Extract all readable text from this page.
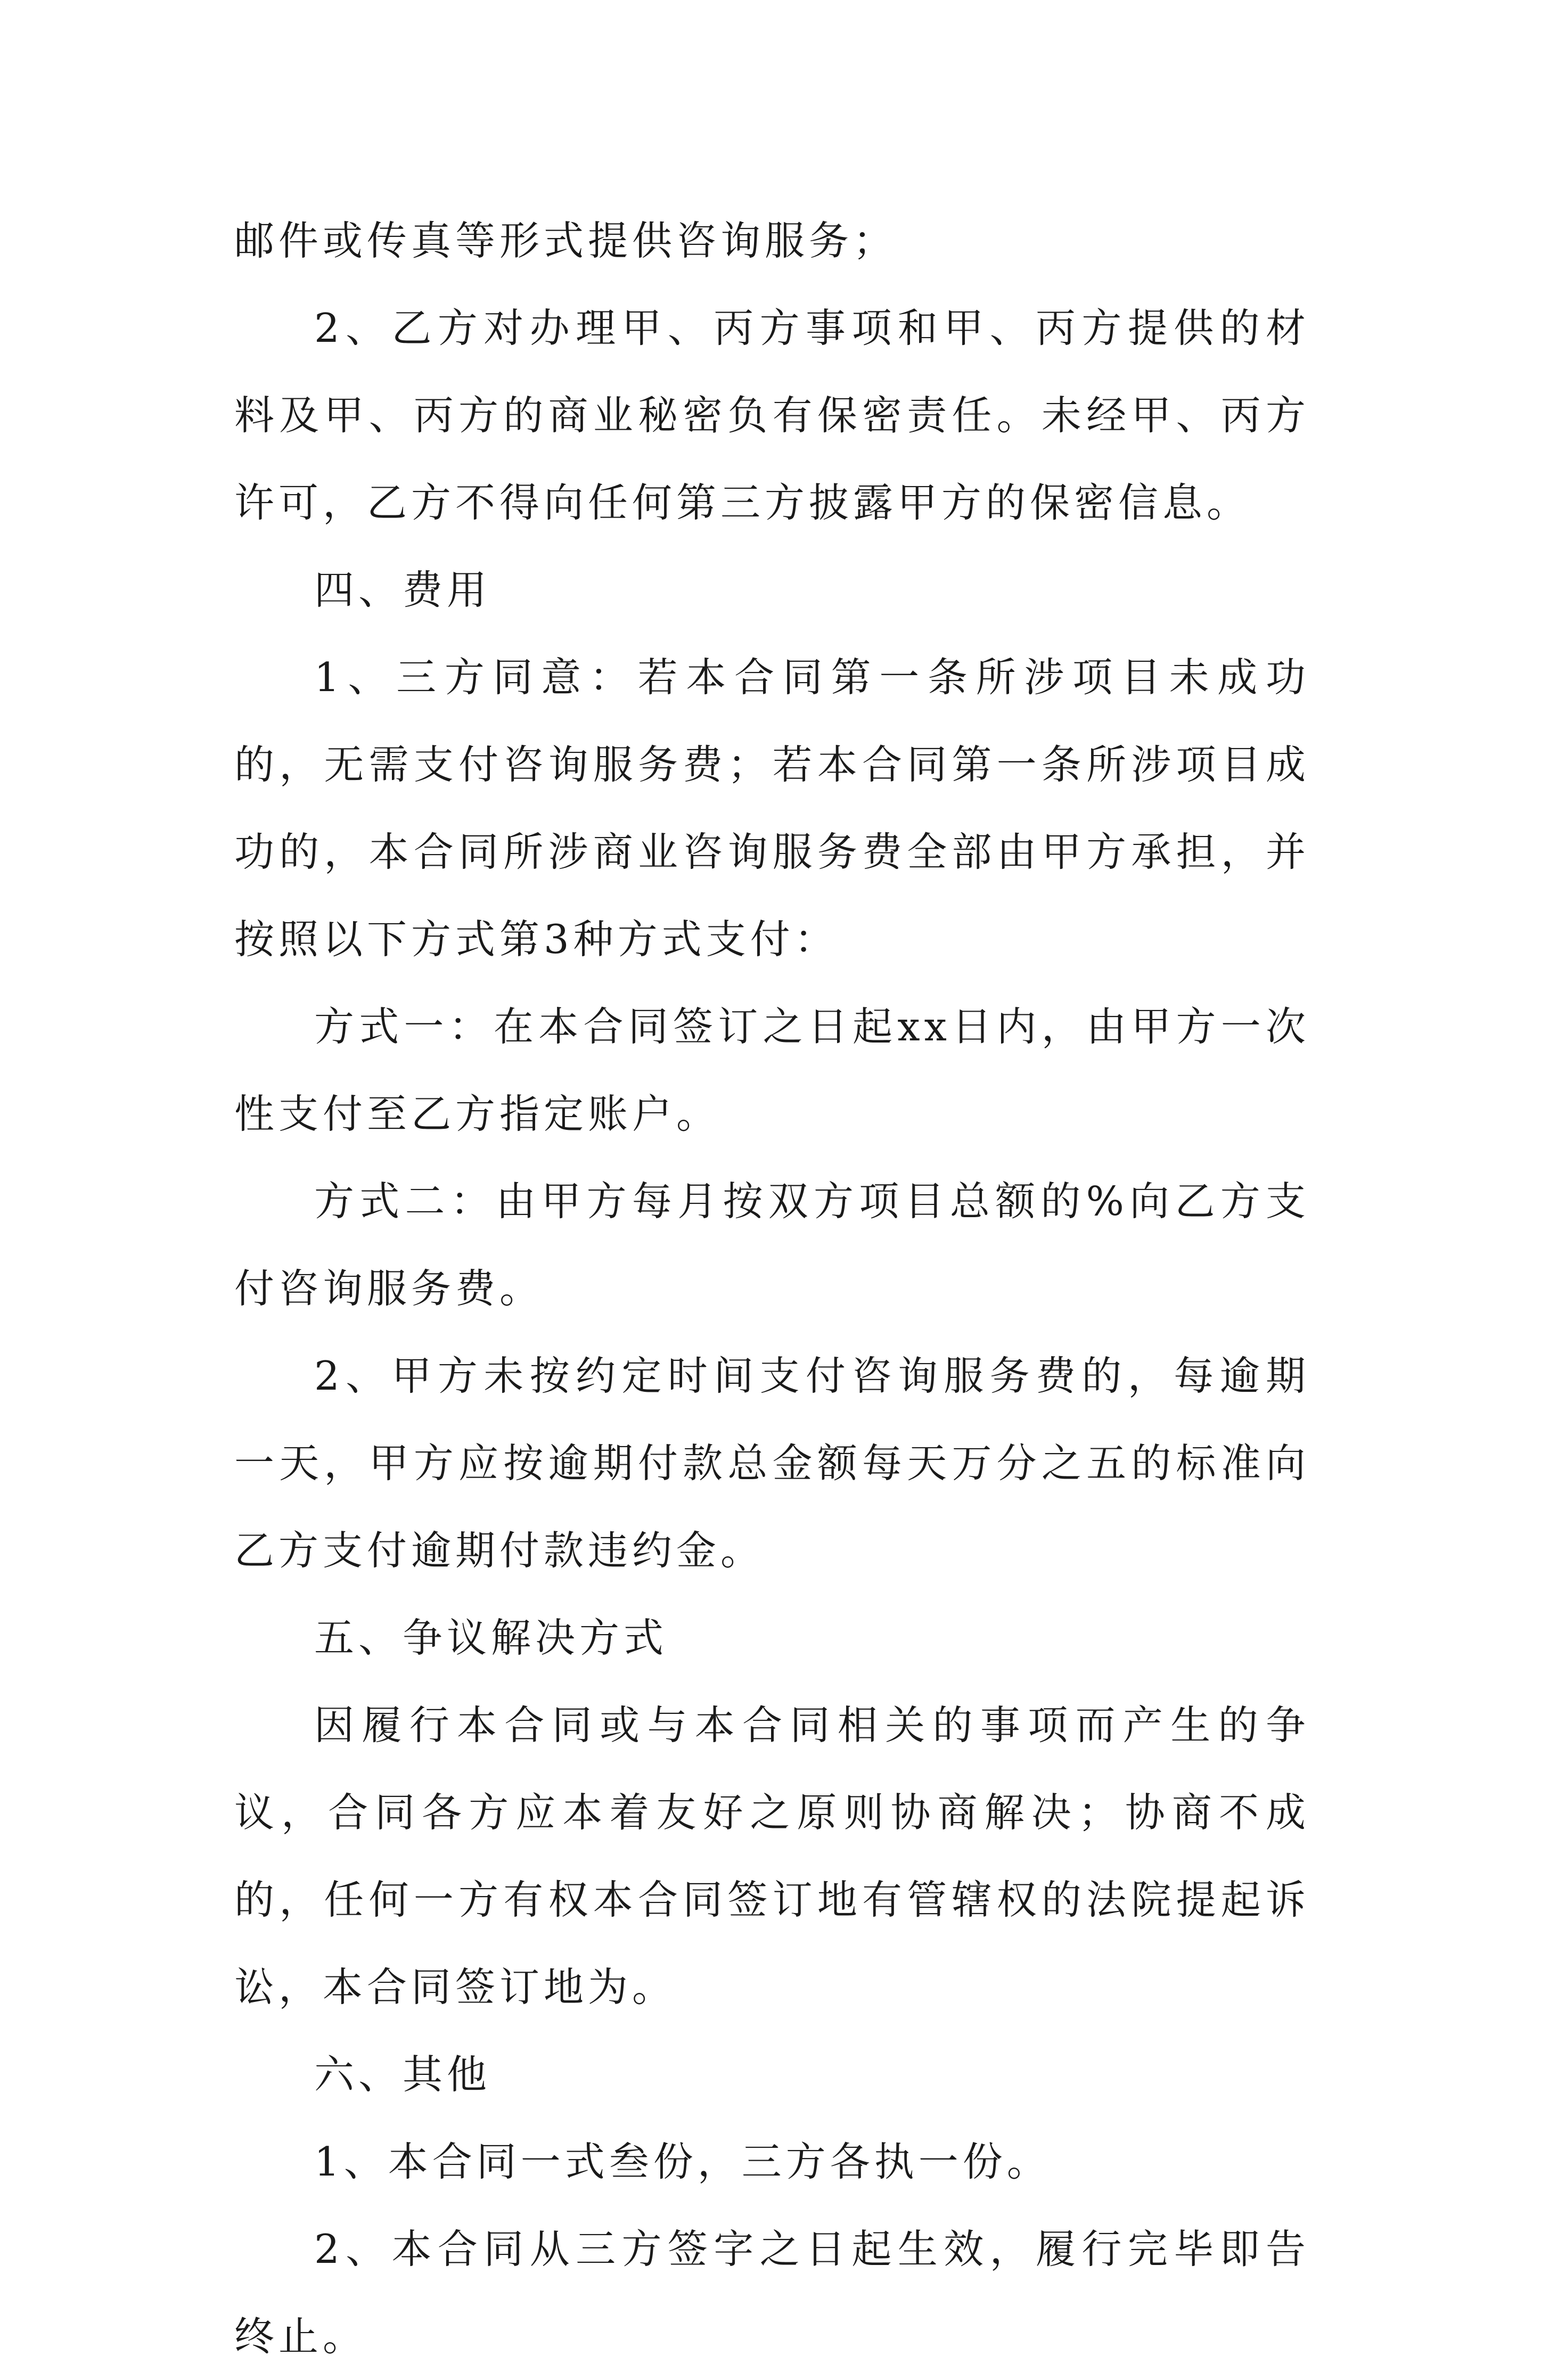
邮件或传真等形式提供咨询服务；

2、乙方对办理甲、丙方事项和甲、丙方提供的材料及甲、丙方的商业秘密负有保密责任。未经甲、丙方许可，乙方不得向任何第三方披露甲方的保密信息。

四、费用

1、三方同意：若本合同第一条所涉项目未成功的，无需支付咨询服务费；若本合同第一条所涉项目成功的，本合同所涉商业咨询服务费全部由甲方承担，并按照以下方式第3种方式支付：

方式一：在本合同签订之日起xx日内，由甲方一次性支付至乙方指定账户。

方式二：由甲方每月按双方项目总额的%向乙方支付咨询服务费。

2、甲方未按约定时间支付咨询服务费的，每逾期一天，甲方应按逾期付款总金额每天万分之五的标准向乙方支付逾期付款违约金。

五、争议解决方式

因履行本合同或与本合同相关的事项而产生的争议，合同各方应本着友好之原则协商解决；协商不成的，任何一方有权本合同签订地有管辖权的法院提起诉讼，本合同签订地为。

六、其他

1、本合同一式叁份，三方各执一份。

2、本合同从三方签字之日起生效，履行完毕即告终止。
